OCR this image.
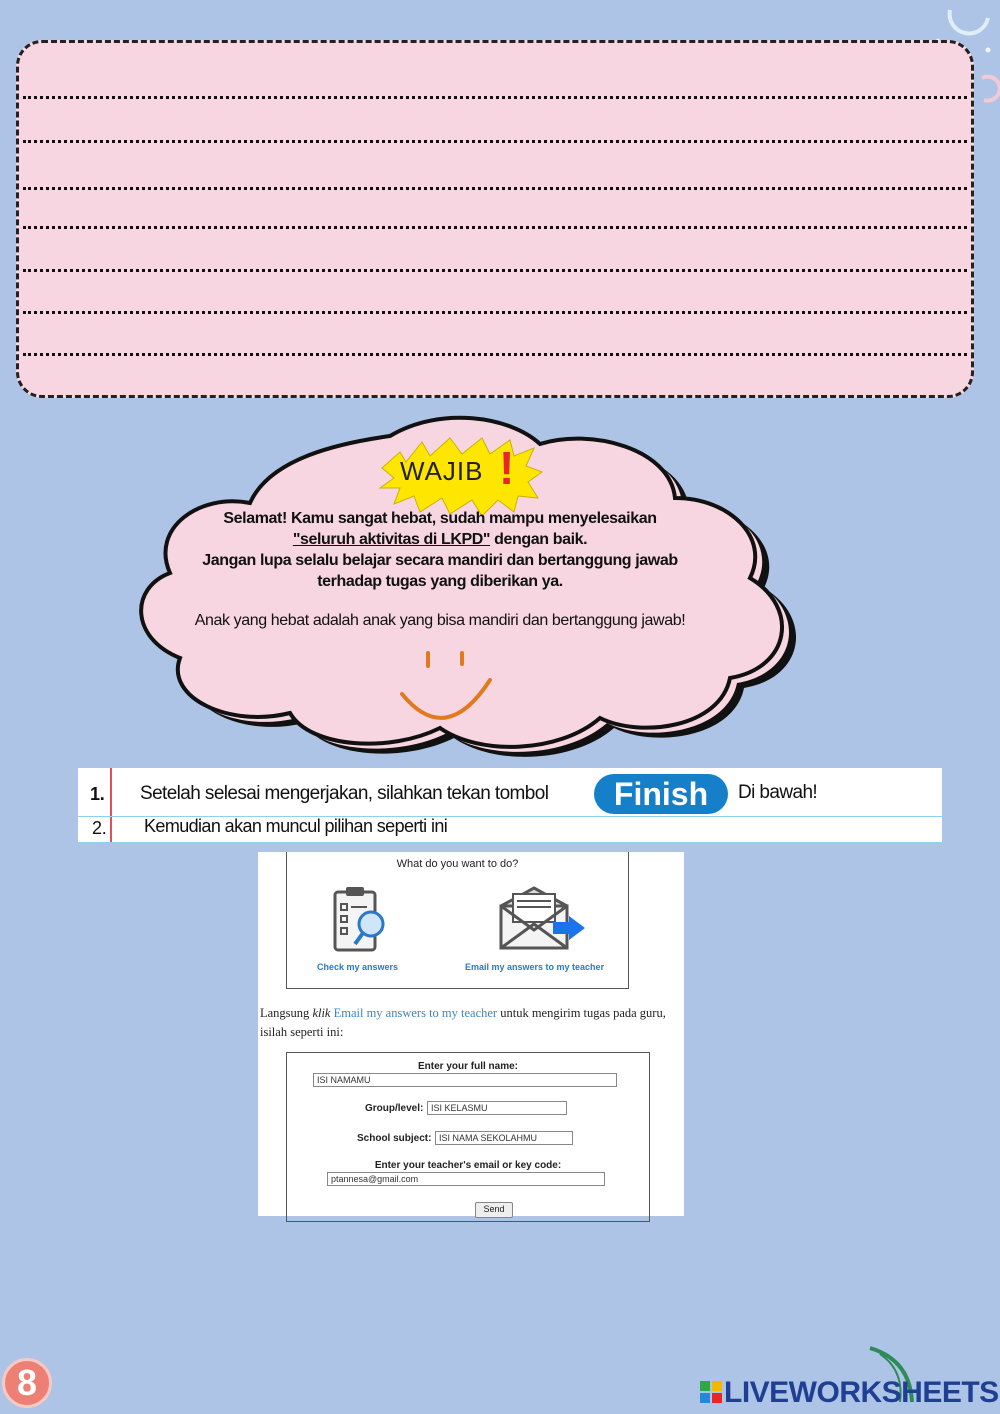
WAJIB !
Selamat! Kamu sangat hebat, sudah mampu menyelesaikan
"seluruh aktivitas di LKPD" dengan baik.
Jangan lupa selalu belajar secara mandiri dan bertanggung jawab
terhadap tugas yang diberikan ya.
Anak yang hebat adalah anak yang bisa mandiri dan bertanggung jawab!
1. Setelah selesai mengerjakan, silahkan tekan tombol	Finish	Di bawah!
2. Kemudian akan muncul pilihan seperti ini
What do you want to do?
Check my answers	Email my answers to my teacher
Langsung klik Email my answers to my teacher untuk mengirim tugas pada guru, isilah seperti ini:
Enter your full name:
ISI NAMAMU
Group/level: ISI KELASMU
School subject: ISI NAMA SEKOLAHMU
Enter your teacher's email or key code:
ptannesa@gmail.com
Send
8	LIVEWORKSHEETS
